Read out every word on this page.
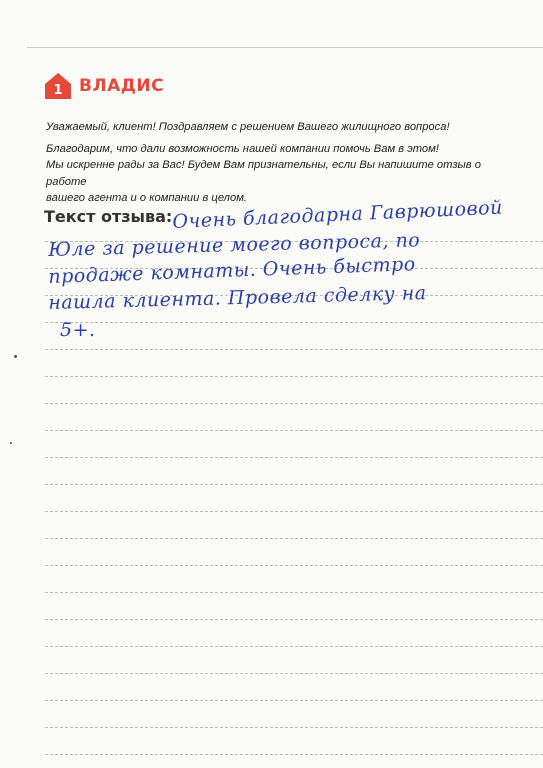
1 ВЛАДИС

Уважаемый, клиент! Поздравляем с решением Вашего жилищного вопроса!

Благодарим, что дали возможность нашей компании помочь Вам в этом!

Мы искренне рады за Вас! Будем Вам признательны, если Вы напишите отзыв о работе

вашего агента и о компании в целом.

Текст отзыва: Очень благодарна Гаврюшовой
Юле за решение моего вопроса, по
продаже комнаты. Очень быстро
нашла клиента. Провела сделку на
5+.
